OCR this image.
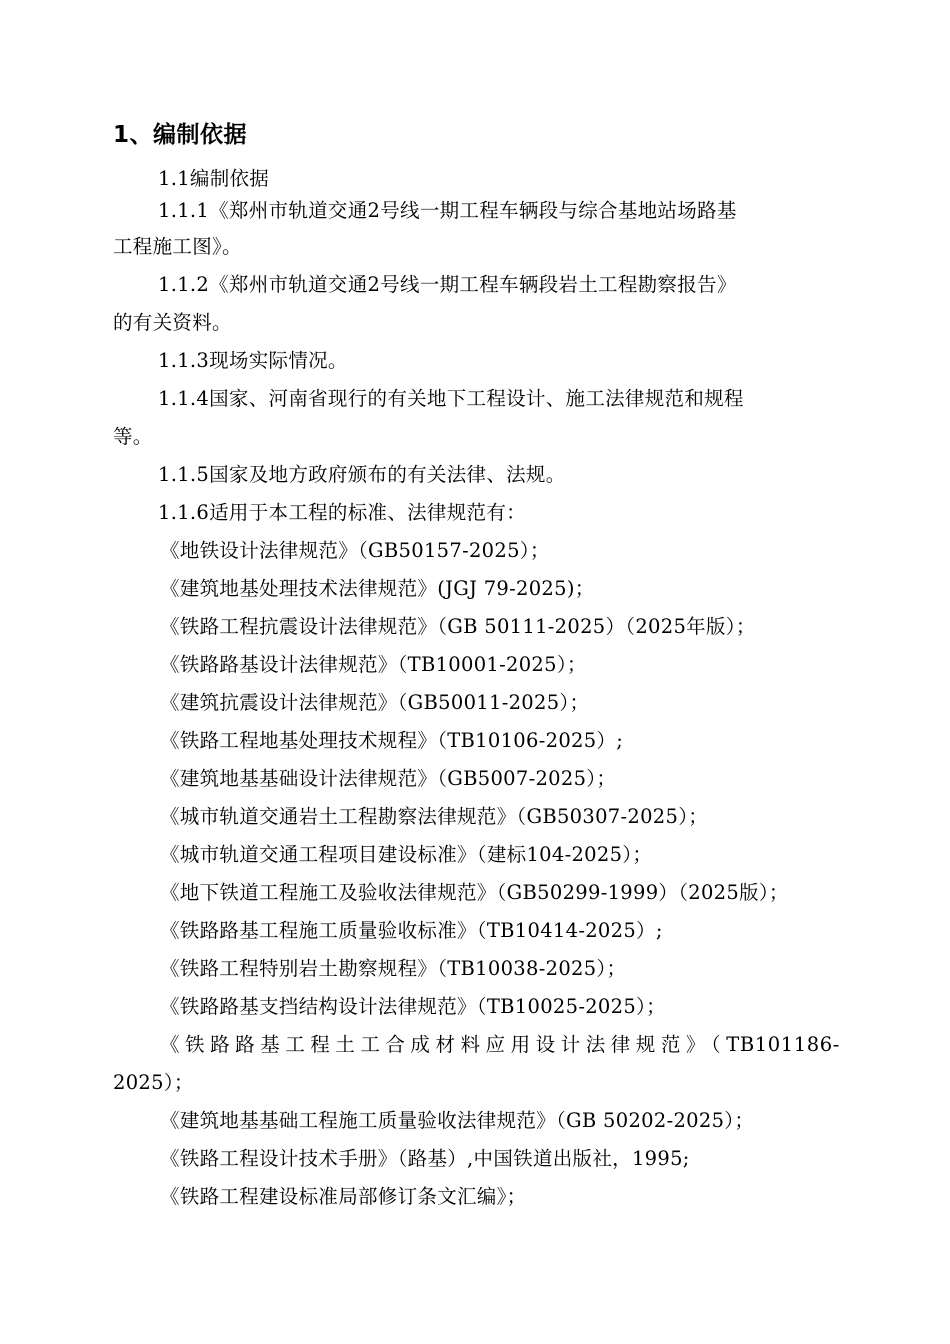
1、编制依据
1.1编制依据
1.1.1《郑州市轨道交通2号线一期工程车辆段与综合基地站场路基
工程施工图》。
1.1.2《郑州市轨道交通2号线一期工程车辆段岩土工程勘察报告》
的有关资料。
1.1.3现场实际情况。
1.1.4国家、河南省现行的有关地下工程设计、施工法律规范和规程
等。
1.1.5国家及地方政府颁布的有关法律、法规。
1.1.6适用于本工程的标准、法律规范有：
《地铁设计法律规范》（GB50157-2025）；
《建筑地基处理技术法律规范》(JGJ 79-2025)；
《铁路工程抗震设计法律规范》（GB 50111-2025）（2025年版）；
《铁路路基设计法律规范》（TB10001-2025）；
《建筑抗震设计法律规范》（GB50011-2025）；
《铁路工程地基处理技术规程》（TB10106-2025）;
《建筑地基基础设计法律规范》（GB5007-2025）；
《城市轨道交通岩土工程勘察法律规范》（GB50307-2025）；
《城市轨道交通工程项目建设标准》（建标104-2025）；
《地下铁道工程施工及验收法律规范》（GB50299-1999）（2025版）；
《铁路路基工程施工质量验收标准》（TB10414-2025）;
《铁路工程特别岩土勘察规程》（TB10038-2025）；
《铁路路基支挡结构设计法律规范》（TB10025-2025）；
《铁路路基工程土工合成材料应用设计法律规范》（TB101186-
2025）；
《建筑地基基础工程施工质量验收法律规范》（GB 50202-2025）；
《铁路工程设计技术手册》（路基）,中国铁道出版社，1995;
《铁路工程建设标准局部修订条文汇编》；
